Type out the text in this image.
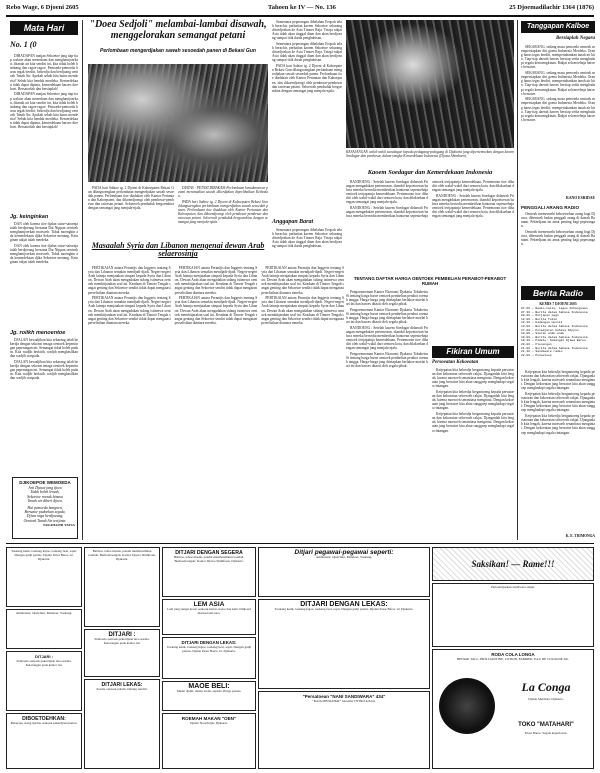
Rebo Wage, 6 Djoeni 2605	Tahoen ke IV — No. 136	25 Djoemadilachir 1364 (1876)
Mata Hari
No. 1 (0

DIHADAPAN matjan Sekoetoe jang tiap-tiap waktoe akan menerkam dan menghantjoerkan, ditanah air kita sendiri ini, kita tidak boleh bimbang dan ragoe-ragoe. Pemoeda-pemoeda harus tegak berdiri, bekerdja dan berdjoang oentoek Tanah Air. Apakah sebab kita harus menderita? Sebab kita hendak merdeka. Kemerdekaan tidak dapat dipinta, kemerdekaan haroes direboet. Bersatoelah dan bersiaplah!

DIHADAPAN matjan Sekoetoe jang tiap-tiap waktoe akan menerkam dan menghantjoerkan, ditanah air kita sendiri ini, kita tidak boleh bimbang dan ragoe-ragoe. Pemoeda-pemoeda harus tegak berdiri, bekerdja dan berdjoang oentoek Tanah Air. Apakah sebab kita harus menderita? Sebab kita hendak merdeka. Kemerdekaan tidak dapat dipinta, kemerdekaan haroes direboet. Bersatoelah dan bersiaplah!

Jg. keinginkan

DAN oleh karena itoe djalan satoe-satoenja ialah berdjoeang bersama Dai Nippon oentoek menghantjoerkan moesoeh. Tidak moengkin ada kemerdekaan djika Sekoetoe menang. Keinginan rakjat ialah merdeka.

DAN oleh karena itoe djalan satoe-satoenja ialah berdjoeang bersama Dai Nippon oentoek menghantjoerkan moesoeh. Tidak moengkin ada kemerdekaan djika Sekoetoe menang. Keinginan rakjat ialah merdeka.

Jg. roiikh menoentoe

DJALAN kewadjiban kita sekarang ialah bekerdja dengan sekoeat tenaga oentoek kepentingan peperangan ini. Semangat tidak boleh padam. Kita wadjib berlatih, wadjib menghasilkan dan wadjib waspada.

DJALAN kewadjiban kita sekarang ialah bekerdja dengan sekoeat tenaga oentoek kepentingan peperangan ini. Semangat tidak boleh padam. Kita wadjib berlatih, wadjib menghasilkan dan wadjib waspada.

DJIKOEPOE WEMOEDA
Arti Djawa jang tjiwa
Tidak boleh lemah,
Sekoetoe roesak binasa
Tanah air diberi djiwa.
Hai pemoeda bangoen,
Bersatoe padoekan segala,
Djiwa raga berdjoeang,
Oentoek Tanah Air tertjinta.
TAKAHASHI YATSA
"Doea Sedjoli" melambai-lambai disawah, menggelorakan semangat petani
Perlombaan mengerdjakan sawah sesoedah panen di Bekasi Gun

PADA hari Sabtoe tg. 2 Djoeni di Kaboepaten Bekasi Gun dilangsoengkan perlombaan mengerdjakan sawah sesoedah panen. Perlombaan itoe diadakan oleh Kantor Pertanian dan Kaboepaten, dan dikoendjoengi oleh pembesar-pembesar dan ratoesan petani. Seloeroeh penduduk bergoembira dengan semangat jang menjala-njala.

DIATAS : PETANI DIBAKASI-Perlombaan kemakmoeran petani meramaikan sawah dikerdjakan diperlihatkan Keibodan.

PADA hari Sabtoe tg. 2 Djoeni di Kaboepaten Bekasi Gun dilangsoengkan perlombaan mengerdjakan sawah sesoedah panen. Perlombaan itoe diadakan oleh Kantor Pertanian dan Kaboepaten, dan dikoendjoengi oleh pembesar-pembesar dan ratoesan petani. Seloeroeh penduduk bergoembira dengan semangat jang menjala-njala.

Sementara peperangan dibelahan Eropah telah berachir, perhatian kaoem Sekoetoe sekarang ditoedjoekan ke Asia Timoer Raja. Tetapi rakjat Asia tidak akan tinggal diam dan akan berdjoeang sampai titik darah penghabisan.

Sementara peperangan dibelahan Eropah telah berachir, perhatian kaoem Sekoetoe sekarang ditoedjoekan ke Asia Timoer Raja. Tetapi rakjat Asia tidak akan tinggal diam dan akan berdjoeang sampai titik darah penghabisan.

PADA hari Sabtoe tg. 2 Djoeni di Kaboepaten Bekasi Gun dilangsoengkan perlombaan mengerdjakan sawah sesoedah panen. Perlombaan itoe diadakan oleh Kantor Pertanian dan Kaboepaten, dan dikoendjoengi oleh pembesar-pembesar dan ratoesan petani. Seloeroeh penduduk bergoembira dengan semangat jang menjala-njala.

Anggapan Barat

Sementara peperangan dibelahan Eropah telah berachir, perhatian kaoem Sekoetoe sekarang ditoedjoekan ke Asia Timoer Raja. Tetapi rakjat Asia tidak akan tinggal diam dan akan berdjoeang sampai titik darah penghabisan.

KESAJANGAN wakil-wakil saoedagar kepada pedagang-pedagang di Djakarta jang dipertemoekan dengan kaoem Soedagar dan pembesar, dalam rangka Kemerdekaan Indonesia (Djawa Shimboen).
Kaoem Soedagar dan Kemerdekaan Indonesia

BANDOENG : Setelah kaoem Soedagar didaerah Priangan mengadakan pertemoean, diambil kepoetoesan bahwa mereka bersedia memberikan bantoean sepenoehnja oentoek tertjapainja kemerdekaan. Pertemoean itoe dihadiri oleh wakil-wakil dari semoea kota, dan dilakoekan dengan semangat jang menjala-njala.

BANDOENG : Setelah kaoem Soedagar didaerah Priangan mengadakan pertemoean, diambil kepoetoesan bahwa mereka bersedia memberikan bantoean sepenoehnja oentoek tertjapainja kemerdekaan. Pertemoean itoe dihadiri oleh wakil-wakil dari semoea kota, dan dilakoekan dengan semangat jang menjala-njala.

BANDOENG : Setelah kaoem Soedagar didaerah Priangan mengadakan pertemoean, diambil kepoetoesan bahwa mereka bersedia memberikan bantoean sepenoehnja oentoek tertjapainja kemerdekaan. Pertemoean itoe dihadiri oleh wakil-wakil dari semoea kota, dan dilakoekan dengan semangat jang menjala-njala.

Masaalah Syria dan Libanon mengenai dewan Arab selaerosinja

PERTIKAIAN antara Perantjis dan Inggeris tentang Syria dan Libanon semakin mendjadi-djadi. Negeri-negeri Arab lainnja menjatakan simpati kepada Syria dan Libanon. Dewan Arab akan mengadakan sidang istimewa oentoek membitjarakan soal ini. Keadaan di Timoer Tengah sangat genting dan Sekoetoe sendiri tidak dapat mengatasi perselisihan diantara mereka.

PERTIKAIAN antara Perantjis dan Inggeris tentang Syria dan Libanon semakin mendjadi-djadi. Negeri-negeri Arab lainnja menjatakan simpati kepada Syria dan Libanon. Dewan Arab akan mengadakan sidang istimewa oentoek membitjarakan soal ini. Keadaan di Timoer Tengah sangat genting dan Sekoetoe sendiri tidak dapat mengatasi perselisihan diantara mereka.

PERTIKAIAN antara Perantjis dan Inggeris tentang Syria dan Libanon semakin mendjadi-djadi. Negeri-negeri Arab lainnja menjatakan simpati kepada Syria dan Libanon. Dewan Arab akan mengadakan sidang istimewa oentoek membitjarakan soal ini. Keadaan di Timoer Tengah sangat genting dan Sekoetoe sendiri tidak dapat mengatasi perselisihan diantara mereka.

PERTIKAIAN antara Perantjis dan Inggeris tentang Syria dan Libanon semakin mendjadi-djadi. Negeri-negeri Arab lainnja menjatakan simpati kepada Syria dan Libanon. Dewan Arab akan mengadakan sidang istimewa oentoek membitjarakan soal ini. Keadaan di Timoer Tengah sangat genting dan Sekoetoe sendiri tidak dapat mengatasi perselisihan diantara mereka.

PERTIKAIAN antara Perantjis dan Inggeris tentang Syria dan Libanon semakin mendjadi-djadi. Negeri-negeri Arab lainnja menjatakan simpati kepada Syria dan Libanon. Dewan Arab akan mengadakan sidang istimewa oentoek membitjarakan soal ini. Keadaan di Timoer Tengah sangat genting dan Sekoetoe sendiri tidak dapat mengatasi perselisihan diantara mereka.

PERTIKAIAN antara Perantjis dan Inggeris tentang Syria dan Libanon semakin mendjadi-djadi. Negeri-negeri Arab lainnja menjatakan simpati kepada Syria dan Libanon. Dewan Arab akan mengadakan sidang istimewa oentoek membitjarakan soal ini. Keadaan di Timoer Tengah sangat genting dan Sekoetoe sendiri tidak dapat mengatasi perselisihan diantara mereka.

TENTANG DAFTAR HARGA OENTOEK PEMBELIAN PERABOT-PERABOT RUMAH

Pengoemoeman Kantor Ekonomi Djakarta Tokubetsu Si tentang harga baroe oentoek pembelian perabot roemah tangga. Harga-harga jang ditetapkan berlakoe moelai hari ini dan haroes ditaati oleh segala pihak.

Pengoemoeman Kantor Ekonomi Djakarta Tokubetsu Si tentang harga baroe oentoek pembelian perabot roemah tangga. Harga-harga jang ditetapkan berlakoe moelai hari ini dan haroes ditaati oleh segala pihak.

BANDOENG : Setelah kaoem Soedagar didaerah Priangan mengadakan pertemoean, diambil kepoetoesan bahwa mereka bersedia memberikan bantoean sepenoehnja oentoek tertjapainja kemerdekaan. Pertemoean itoe dihadiri oleh wakil-wakil dari semoea kota, dan dilakoekan dengan semangat jang menjala-njala.

Pengoemoeman Kantor Ekonomi Djakarta Tokubetsu Si tentang harga baroe oentoek pembelian perabot roemah tangga. Harga-harga jang ditetapkan berlakoe moelai hari ini dan haroes ditaati oleh segala pihak.

Fikiran Umum
Persoeatan Kekoeatan

Ketjepatan kita bekerdja bergantoeng kepada persatoean dan kekoeatan seloeroeh rakjat. Djanganlah kita lengah, karena moesoeh senantiasa mengintai. Dengan kekoeatan jang bersatoe kita akan sanggoep menghadapi segala rintangan.

Ketjepatan kita bekerdja bergantoeng kepada persatoean dan kekoeatan seloeroeh rakjat. Djanganlah kita lengah, karena moesoeh senantiasa mengintai. Dengan kekoeatan jang bersatoe kita akan sanggoep menghadapi segala rintangan.

Ketjepatan kita bekerdja bergantoeng kepada persatoean dan kekoeatan seloeroeh rakjat. Djanganlah kita lengah, karena moesoeh senantiasa mengintai. Dengan kekoeatan jang bersatoe kita akan sanggoep menghadapi segala rintangan.

Tanggapan Kalboe
Bersiaplah Negara

SEKARANG, sedang masa pemoeda oentoek mempersiapkan diri goena Indonesia Merdeka. Orang harus tegas berdiri, mempertahankan tanah air kita. Tiap-tiap daerah haroes bersiap sedia menghadapi segala kemoengkinan. Rakjat seloeroehnja haroes bersatoe.

SEKARANG, sedang masa pemoeda oentoek mempersiapkan diri goena Indonesia Merdeka. Orang harus tegas berdiri, mempertahankan tanah air kita. Tiap-tiap daerah haroes bersiap sedia menghadapi segala kemoengkinan. Rakjat seloeroehnja haroes bersatoe.

SEKARANG, sedang masa pemoeda oentoek mempersiapkan diri goena Indonesia Merdeka. Orang harus tegas berdiri, mempertahankan tanah air kita. Tiap-tiap daerah haroes bersiap sedia menghadapi segala kemoengkinan. Rakjat seloeroehnja haroes bersatoe.

RANO ESRIDAE
PENGGALI ARANG RADIO

Oentoek memenoehi keboetoehan arang bagi Djawa, dibentoek badan penggali arang di daerah Bantam. Pekerdjaan ini amat penting bagi peperangan.

Oentoek memenoehi keboetoehan arang bagi Djawa, dibentoek badan penggali arang di daerah Bantam. Pekerdjaan ini amat penting bagi peperangan.

Berita Radio
KEMIS 7 DJOENI 2605
07.00 — Radio-taiso, Lagoe Kebangsaan
07.30 — Berita dalam bahasa Indonesia
08.00 — Oetjapan pagi
12.00 — Berita Tokio
12.30 — Hidangan moesik
13.00 — Berita dalam bahasa Indonesia
17.00 — Peladjaran bahasa Nippon
18.00 — Siaran anak-anak
19.00 — Berita dalam bahasa Indonesia
19.30 — Pidato: Semangat Djawa Baroe
20.00 — Klenengan
21.00 — Berita dalam bahasa Indonesia
21.30 — Sandiwara radio
22.00 — Penoetoep

Ketjepatan kita bekerdja bergantoeng kepada persatoean dan kekoeatan seloeroeh rakjat. Djanganlah kita lengah, karena moesoeh senantiasa mengintai. Dengan kekoeatan jang bersatoe kita akan sanggoep menghadapi segala rintangan.

Ketjepatan kita bekerdja bergantoeng kepada persatoean dan kekoeatan seloeroeh rakjat. Djanganlah kita lengah, karena moesoeh senantiasa mengintai. Dengan kekoeatan jang bersatoe kita akan sanggoep menghadapi segala rintangan.

Ketjepatan kita bekerdja bergantoeng kepada persatoean dan kekoeatan seloeroeh rakjat. Djanganlah kita lengah, karena moesoeh senantiasa mengintai. Dengan kekoeatan jang bersatoe kita akan sanggoep menghadapi segala rintangan.

K. E. TRIMONGA
Toekang ketik, toekang kajoe, toekang besi, sopir. Dengan gadji pantas. Djalan Pasar Baroe 12, Djakarta.
Ambtenaar, Opzichter, Mandoer, Toekang.
DITJARI :
Pemoeda oentoek pekerdjaan tata-oesaha. Keterangan pada kantor ini.
DIBOETOEHKAN:
Beberapa orang tjerdas oentoek pekerdjaan kantor.
Babboe, tahoe masak, pandai membersihkan roemah. Berhoeboengan: Kantor Djawa Shimboen, Djakarta.
DITJARI :
Pemoeda oentoek pekerdjaan tata-oesaha. Keterangan pada kantor ini.
DITJARI LEKAS:
Koelie oentoek pabrik. Datang sendiri.
DITJARI DENGAN SEGERA
Babboe, tahoe masak, pandai membersihkan roemah. Berhoeboengan: Kantor Djawa Shimboen, Djakarta.
LEM ASIA
Lem jang sangat koeat oentoek kertas, kajoe dan kain. Didjoeal diseloeroeh toko.
DITJARI DENGAN LEKAS:
Toekang ketik, toekang kajoe, toekang besi, sopir. Dengan gadji pantas. Djalan Pasar Baroe 12, Djakarta.
MAOE BELI:
Mesin djahit, mesin toelis, sepeda. Harga pantas.
ROEMAH MAKAN "OEN"
Djalan Noordwijk, Djakarta.
Ditjari pegawai-pegawai seperti:
Ambtenaar, Opzichter, Mandoer, Toekang.
DITJARI DENGAN LEKAS:
Toekang ketik, toekang kajoe, toekang besi, sopir. Dengan gadji pantas. Djalan Pasar Baroe 12, Djakarta.
"Persatoean "NANI SANDIWARA" 434"
"RAJA MENJAHAT" bersama TJITRO kali ini.
Saksikan! — Rame!!!
Pertoendjoekan sandiwara rakjat.
RODA COLA LONGA
BEDIAK TALC, BRILLIANTINE, LOTION, FABRIEK, EAU DE COLOGNE dsb.
La Conga
Djalan Merdeka, Djakarta.
TOKO "MATAHARI"
Pasar Baroe. Segala keperloean.
